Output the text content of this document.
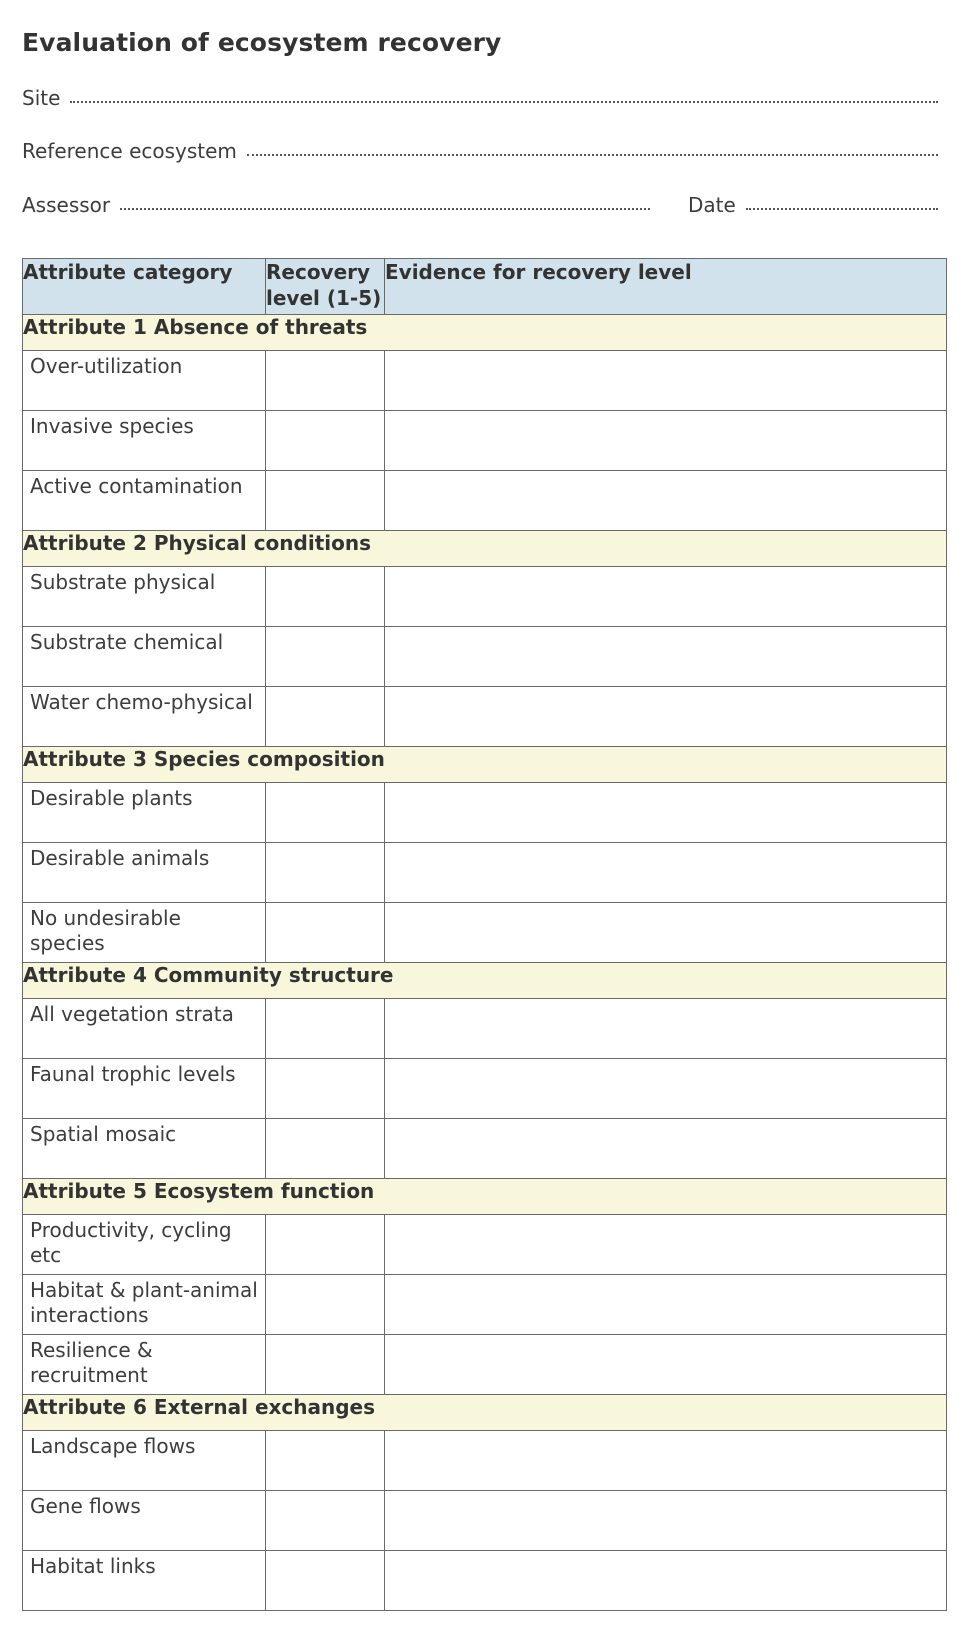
Evaluation of ecosystem recovery
Site
Reference ecosystem
Assessor	Date
Attribute category	Recovery level (1-5)	Evidence for recovery level
Attribute 1 Absence of threats		
Over-utilization		
Invasive species		
Active contamination		
Attribute 2 Physical conditions		
Substrate physical		
Substrate chemical		
Water chemo-physical		
Attribute 3 Species composition		
Desirable plants		
Desirable animals		
No undesirable species		
Attribute 4 Community structure		
All vegetation strata		
Faunal trophic levels		
Spatial mosaic		
Attribute 5 Ecosystem function		
Productivity, cycling etc		
Habitat & plant-animal interactions		
Resilience & recruitment		
Attribute 6 External exchanges		
Landscape flows		
Gene flows		
Habitat links		
